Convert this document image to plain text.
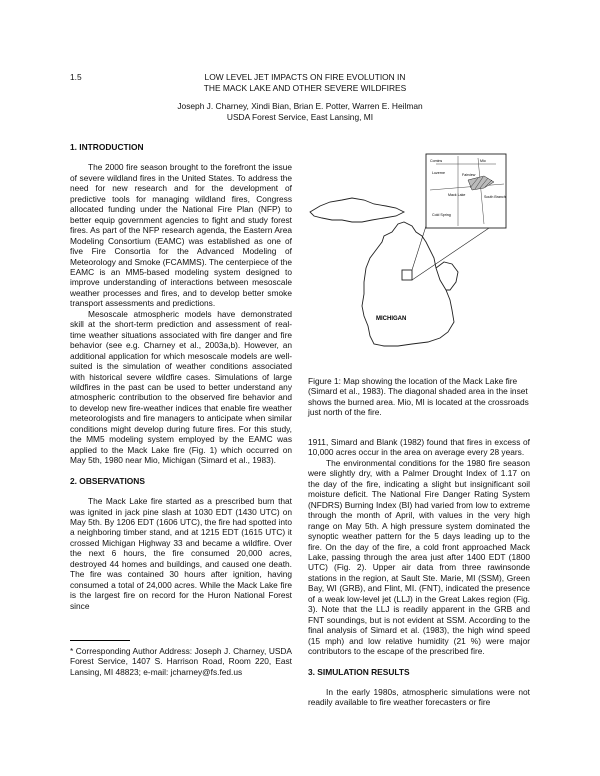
1.5	LOW LEVEL JET IMPACTS ON FIRE EVOLUTION IN
THE MACK LAKE AND OTHER SEVERE WILDFIRES
Joseph J. Charney, Xindi Bian, Brian E. Potter, Warren E. Heilman
USDA Forest Service, East Lansing, MI
1. INTRODUCTION

The 2000 fire season brought to the forefront the issue of severe wildland fires in the United States. To address the need for new research and for the development of predictive tools for managing wildland fires, Congress allocated funding under the National Fire Plan (NFP) to better equip government agencies to fight and study forest fires. As part of the NFP research agenda, the Eastern Area Modeling Consortium (EAMC) was established as one of five Fire Consortia for the Advanced Modeling of Meteorology and Smoke (FCAMMS). The centerpiece of the EAMC is an MM5-based modeling system designed to improve understanding of interactions between mesoscale weather processes and fires, and to develop better smoke transport assessments and predictions.

Mesoscale atmospheric models have demonstrated skill at the short-term prediction and assessment of real-time weather situations associated with fire danger and fire behavior (see e.g. Charney et al., 2003a,b). However, an additional application for which mesoscale models are well-suited is the simulation of weather conditions associated with historical severe wildfire cases. Simulations of large wildfires in the past can be used to better understand any atmospheric contribution to the observed fire behavior and to develop new fire-weather indices that enable fire weather meteorologists and fire managers to anticipate when similar conditions might develop during future fires. For this study, the MM5 modeling system employed by the EAMC was applied to the Mack Lake fire (Fig. 1) which occurred on May 5th, 1980 near Mio, Michigan (Simard et al., 1983).

2. OBSERVATIONS

The Mack Lake fire started as a prescribed burn that was ignited in jack pine slash at 1030 EDT (1430 UTC) on May 5th. By 1206 EDT (1606 UTC), the fire had spotted into a neighboring timber stand, and at 1215 EDT (1615 UTC) it crossed Michigan Highway 33 and became a wildfire. Over the next 6 hours, the fire consumed 20,000 acres, destroyed 44 homes and buildings, and caused one death. The fire was contained 30 hours after ignition, having consumed a total of 24,000 acres. While the Mack Lake fire is the largest fire on record for the Huron National Forest since

* Corresponding Author Address: Joseph J. Charney, USDA Forest Service, 1407 S. Harrison Road, Room 220, East Lansing, MI 48823; e-mail: jcharney@fs.fed.us

Comins	Mio
Luzerne	Fairview
Mack Lake	South Branch
Cold Spring
MICHIGAN
Figure 1: Map showing the location of the Mack Lake fire (Simard et al., 1983). The diagonal shaded area in the inset shows the burned area. Mio, MI is located at the crossroads just north of the fire.

1911, Simard and Blank (1982) found that fires in excess of 10,000 acres occur in the area on average every 28 years.

The environmental conditions for the 1980 fire season were slightly dry, with a Palmer Drought Index of 1.17 on the day of the fire, indicating a slight but insignificant soil moisture deficit. The National Fire Danger Rating System (NFDRS) Burning Index (BI) had varied from low to extreme through the month of April, with values in the very high range on May 5th. A high pressure system dominated the synoptic weather pattern for the 5 days leading up to the fire. On the day of the fire, a cold front approached Mack Lake, passing through the area just after 1400 EDT (1800 UTC) (Fig. 2). Upper air data from three rawinsonde stations in the region, at Sault Ste. Marie, MI (SSM), Green Bay, WI (GRB), and Flint, MI. (FNT), indicated the presence of a weak low-level jet (LLJ) in the Great Lakes region (Fig. 3). Note that the LLJ is readily apparent in the GRB and FNT soundings, but is not evident at SSM. According to the final analysis of Simard et al. (1983), the high wind speed (15 mph) and low relative humidity (21 %) were major contributors to the escape of the prescribed fire.

3. SIMULATION RESULTS

In the early 1980s, atmospheric simulations were not readily available to fire weather forecasters or fire
